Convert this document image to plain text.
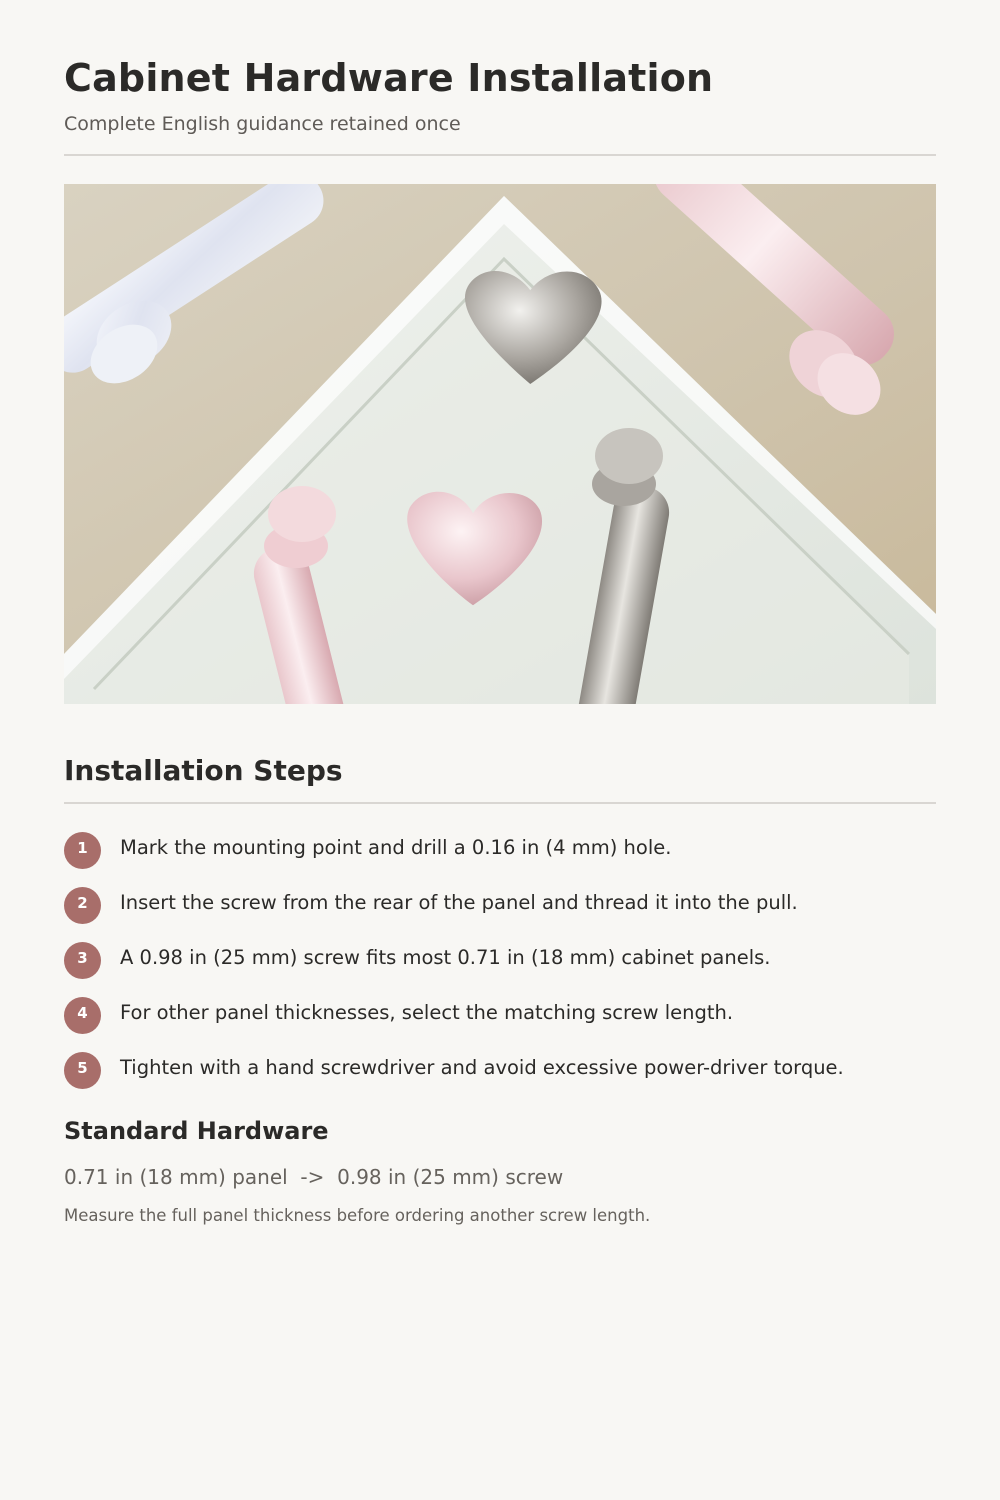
Cabinet Hardware Installation
Complete English guidance retained once
Installation Steps
1	Mark the mounting point and drill a 0.16 in (4 mm) hole.
2	Insert the screw from the rear of the panel and thread it into the pull.
3	A 0.98 in (25 mm) screw fits most 0.71 in (18 mm) cabinet panels.
4	For other panel thicknesses, select the matching screw length.
5	Tighten with a hand screwdriver and avoid excessive power-driver torque.
Standard Hardware
0.71 in (18 mm) panel  ->  0.98 in (25 mm) screw
Measure the full panel thickness before ordering another screw length.
